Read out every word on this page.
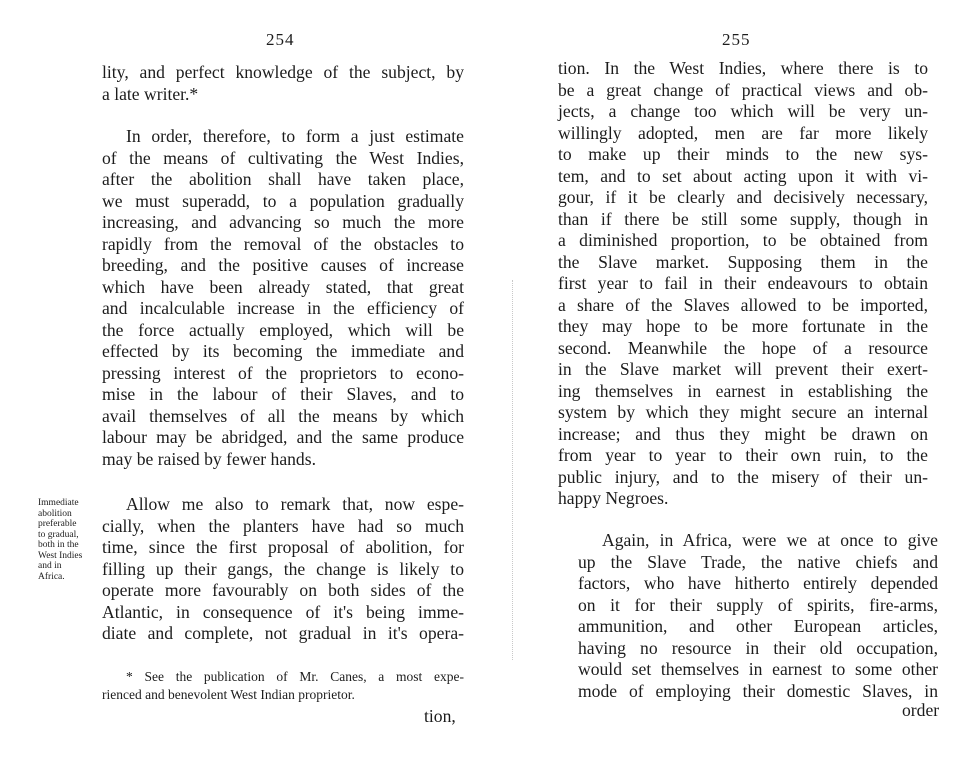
254
lity, and perfect knowledge of the subject, by
a late writer.*
In order, therefore, to form a just estimate
of the means of cultivating the West Indies,
after the abolition shall have taken place,
we must superadd, to a population gradually
increasing, and advancing so much the more
rapidly from the removal of the obstacles to
breeding, and the positive causes of increase
which have been already stated, that great
and incalculable increase in the efficiency of
the force actually employed, which will be
effected by its becoming the immediate and
pressing interest of the proprietors to econo-
mise in the labour of their Slaves, and to
avail themselves of all the means by which
labour may be abridged, and the same produce
may be raised by fewer hands.
Immediate
abolition
preferable
to gradual,
both in the
West Indies
and in
Africa.
Allow me also to remark that, now espe-
cially, when the planters have had so much
time, since the first proposal of abolition, for
filling up their gangs, the change is likely to
operate more favourably on both sides of the
Atlantic, in consequence of it's being imme-
diate and complete, not gradual in it's opera-
* See the publication of Mr. Canes, a most expe-
rienced and benevolent West Indian proprietor.
tion,
255
tion. In the West Indies, where there is to
be a great change of practical views and ob-
jects, a change too which will be very un-
willingly adopted, men are far more likely
to make up their minds to the new sys-
tem, and to set about acting upon it with vi-
gour, if it be clearly and decisively necessary,
than if there be still some supply, though in
a diminished proportion, to be obtained from
the Slave market. Supposing them in the
first year to fail in their endeavours to obtain
a share of the Slaves allowed to be imported,
they may hope to be more fortunate in the
second. Meanwhile the hope of a resource
in the Slave market will prevent their exert-
ing themselves in earnest in establishing the
system by which they might secure an internal
increase; and thus they might be drawn on
from year to year to their own ruin, to the
public injury, and to the misery of their un-
happy Negroes.
Again, in Africa, were we at once to give
up the Slave Trade, the native chiefs and
factors, who have hitherto entirely depended
on it for their supply of spirits, fire-arms,
ammunition, and other European articles,
having no resource in their old occupation,
would set themselves in earnest to some other
mode of employing their domestic Slaves, in
order
